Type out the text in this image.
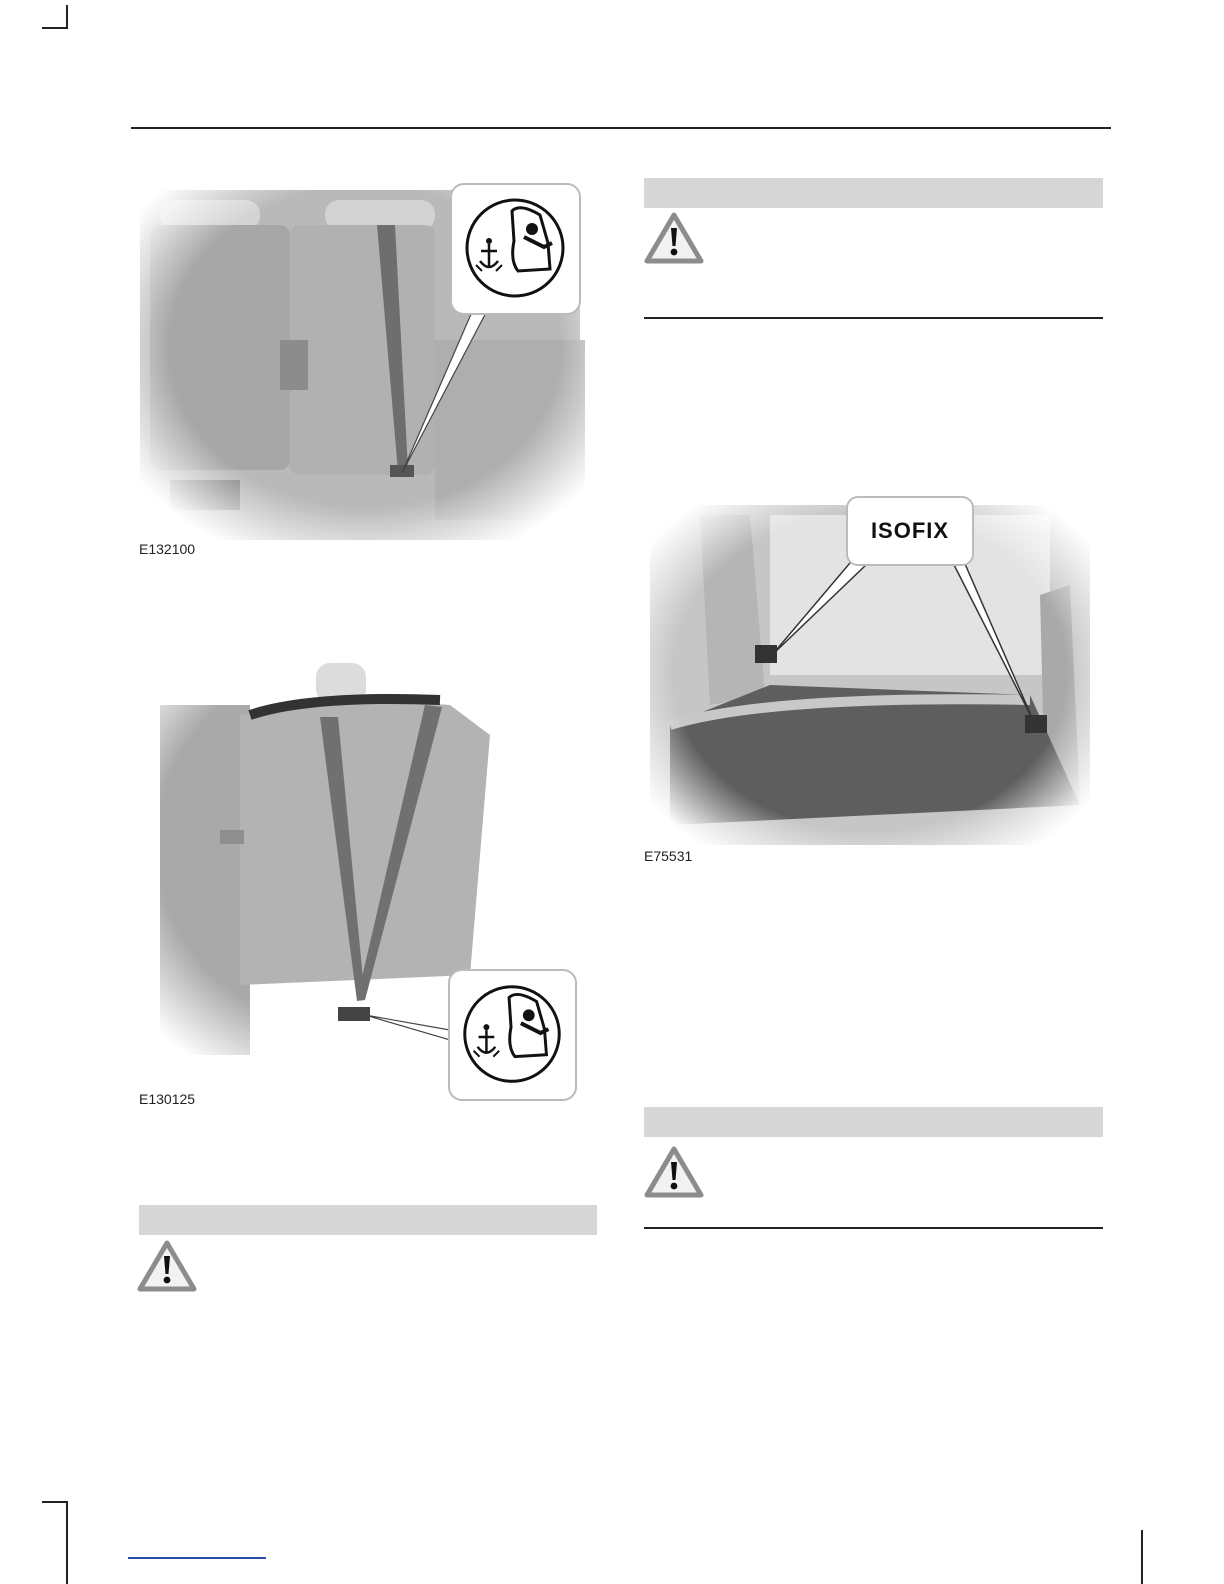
E132100
E130125
ISOFIX
E75531
